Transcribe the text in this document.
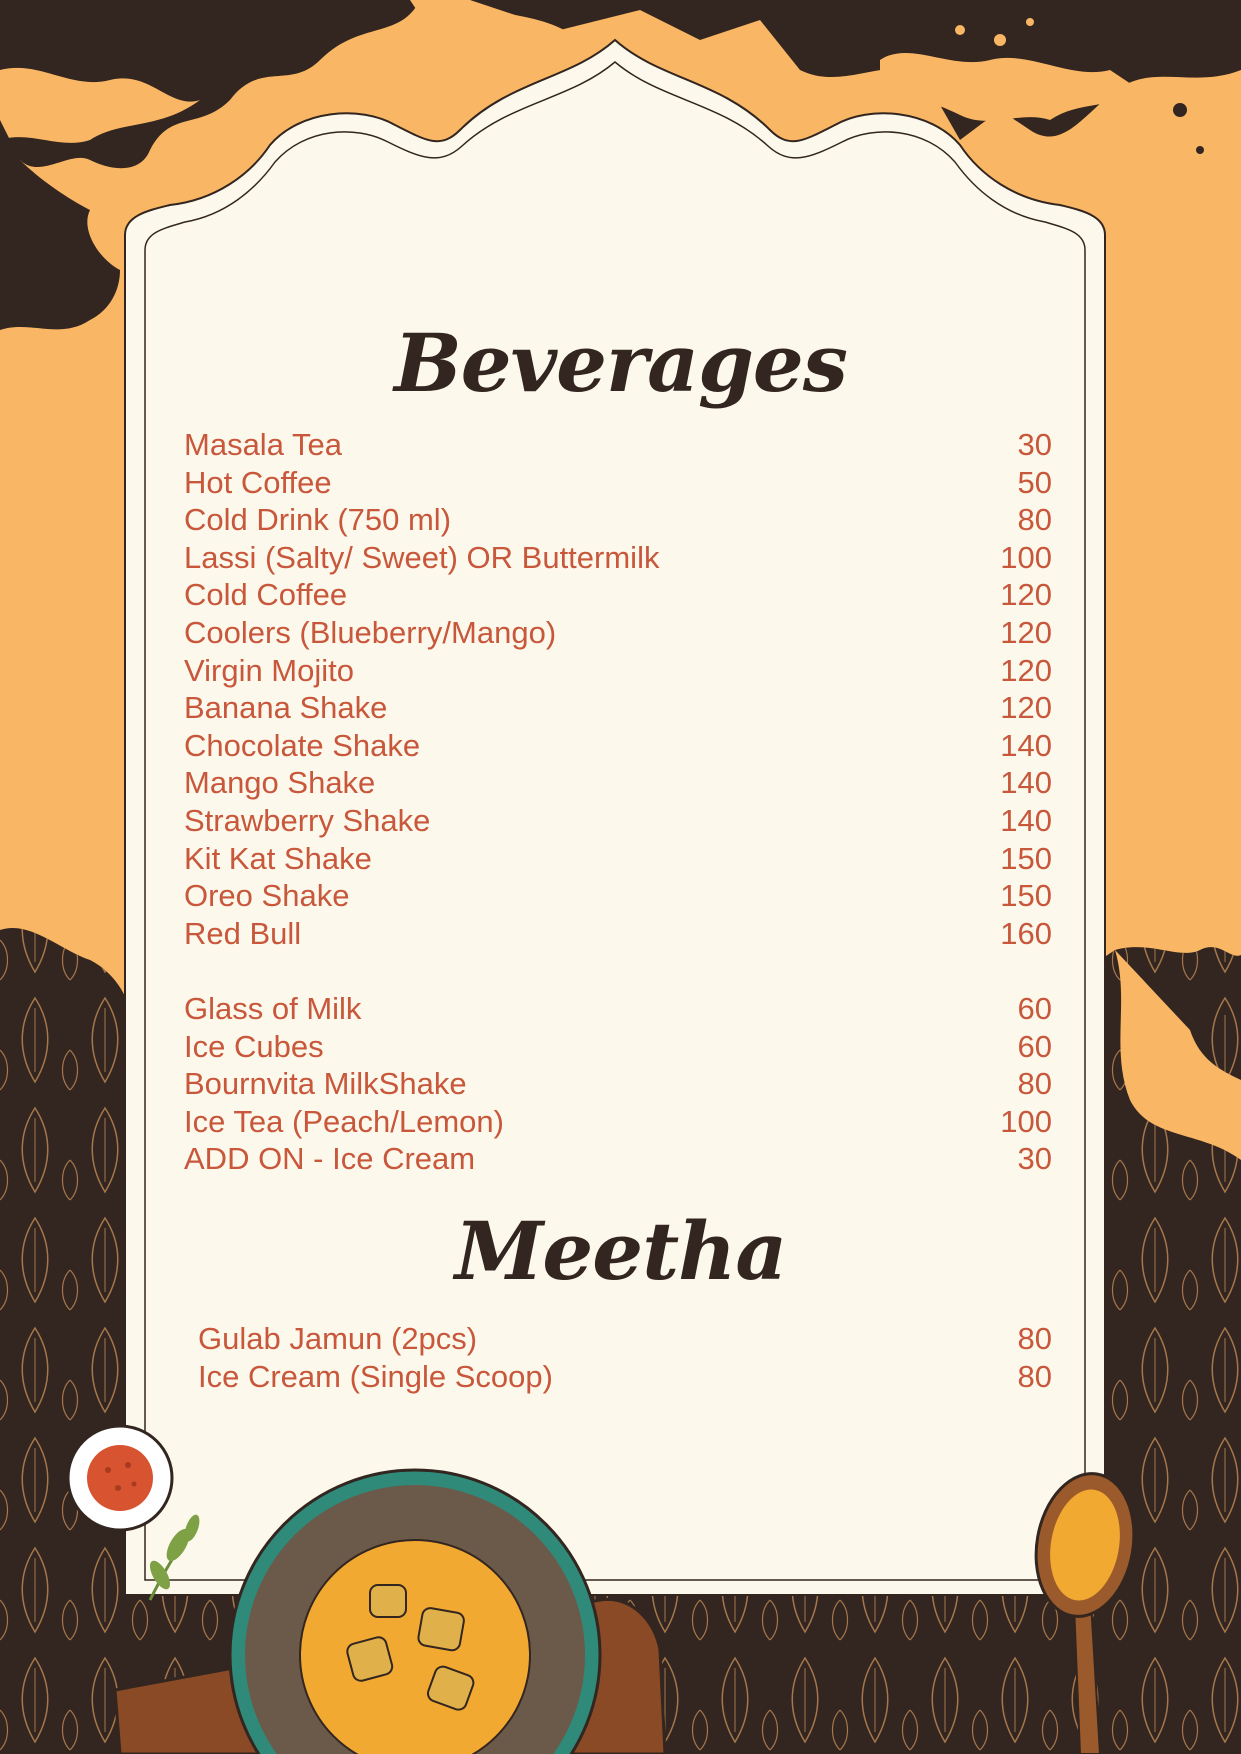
Beverages
Masala Tea	30
Hot Coffee	50
Cold Drink (750 ml)	80
Lassi (Salty/ Sweet) OR Buttermilk	100
Cold Coffee	120
Coolers (Blueberry/Mango)	120
Virgin Mojito	120
Banana Shake	120
Chocolate Shake	140
Mango Shake	140
Strawberry Shake	140
Kit Kat Shake	150
Oreo Shake	150
Red Bull	160
Glass of Milk	60
Ice Cubes	60
Bournvita MilkShake	80
Ice Tea (Peach/Lemon)	100
ADD ON - Ice Cream	30
Meetha
Gulab Jamun (2pcs)	80
Ice Cream (Single Scoop)	80
